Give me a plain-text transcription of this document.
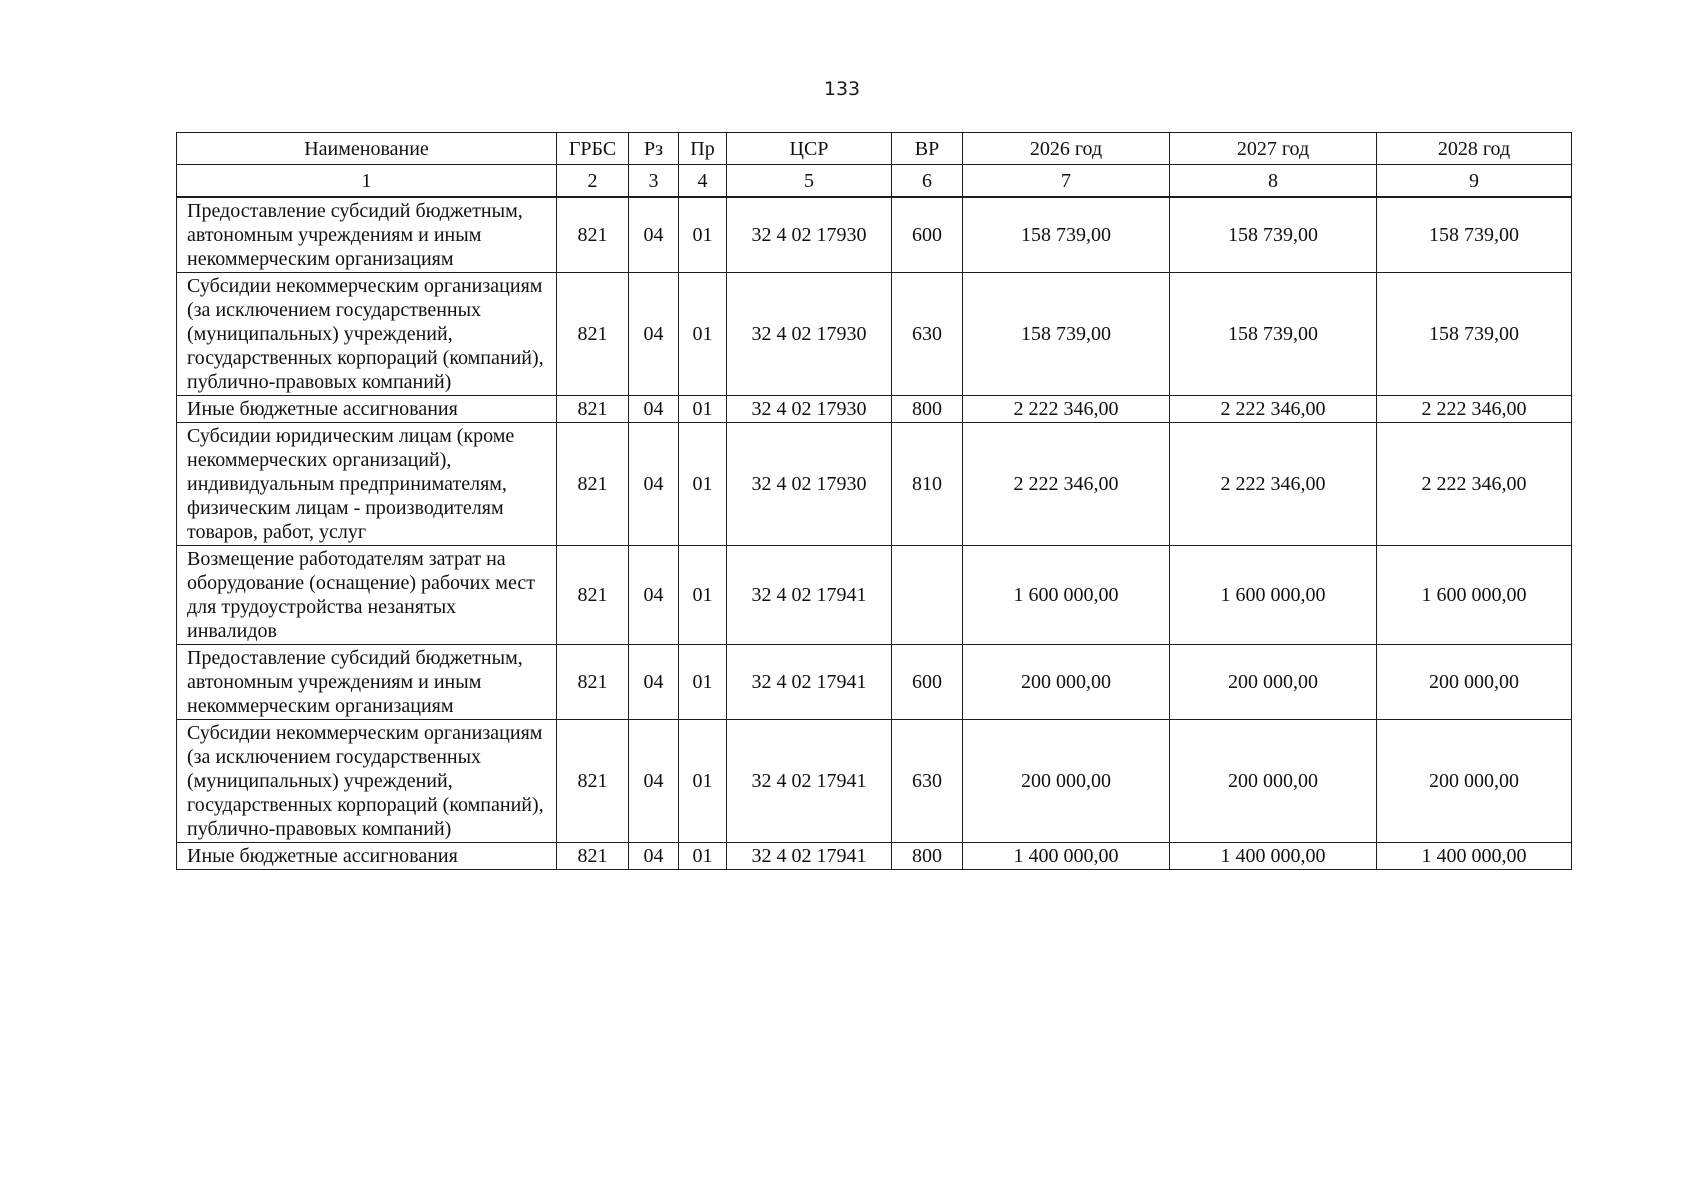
133
Наименование	ГРБС	Рз	Пр	ЦСР	ВР	2026 год	2027 год	2028 год
1	2	3	4	5	6	7	8	9
Предоставление субсидий бюджетным, автономным учреждениям и иным некоммерческим организациям	821	04	01	32 4 02 17930	600	158 739,00	158 739,00	158 739,00
Субсидии некоммерческим организациям (за исключением государственных (муниципальных) учреждений, государственных корпораций (компаний), публично-правовых компаний)	821	04	01	32 4 02 17930	630	158 739,00	158 739,00	158 739,00
Иные бюджетные ассигнования	821	04	01	32 4 02 17930	800	2 222 346,00	2 222 346,00	2 222 346,00
Субсидии юридическим лицам (кроме некоммерческих организаций), индивидуальным предпринимателям, физическим лицам - производителям товаров, работ, услуг	821	04	01	32 4 02 17930	810	2 222 346,00	2 222 346,00	2 222 346,00
Возмещение работодателям затрат на оборудование (оснащение) рабочих мест для трудоустройства незанятых инвалидов	821	04	01	32 4 02 17941		1 600 000,00	1 600 000,00	1 600 000,00
Предоставление субсидий бюджетным, автономным учреждениям и иным некоммерческим организациям	821	04	01	32 4 02 17941	600	200 000,00	200 000,00	200 000,00
Субсидии некоммерческим организациям (за исключением государственных (муниципальных) учреждений, государственных корпораций (компаний), публично-правовых компаний)	821	04	01	32 4 02 17941	630	200 000,00	200 000,00	200 000,00
Иные бюджетные ассигнования	821	04	01	32 4 02 17941	800	1 400 000,00	1 400 000,00	1 400 000,00
